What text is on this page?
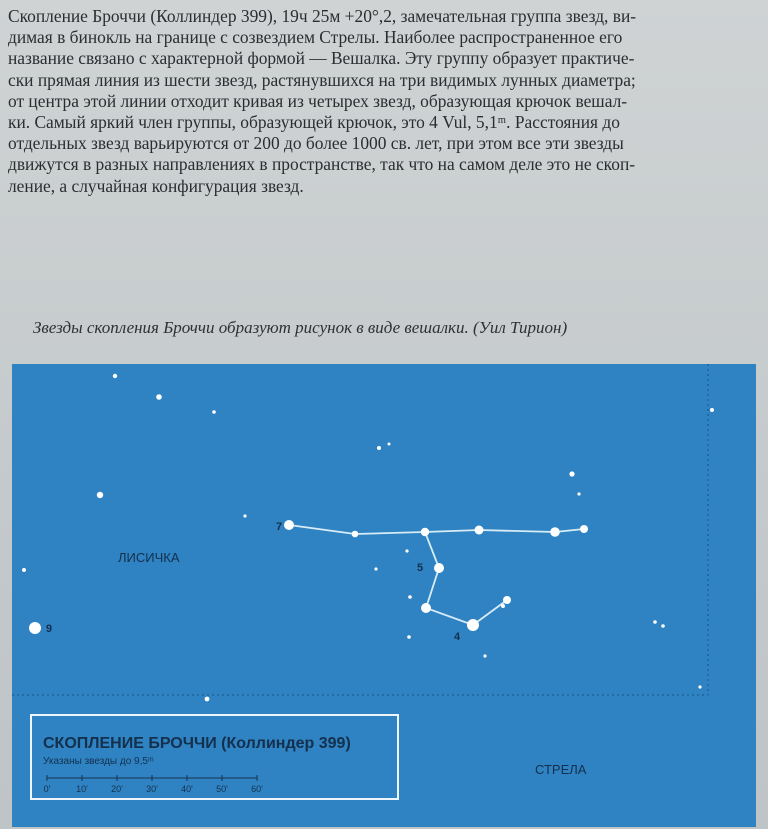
Скопление Броччи (Коллиндер 399), 19ч 25м +20°,2, замечательная группа звезд, ви-
димая в бинокль на границе с созвездием Стрелы. Наиболее распространенное его
название связано с характерной формой — Вешалка. Эту группу образует практиче-
ски прямая линия из шести звезд, растянувшихся на три видимых лунных диаметра;
от центра этой линии отходит кривая из четырех звезд, образующая крючок вешал-
ки. Самый яркий член группы, образующей крючок, это 4 Vul, 5,1ᵐ. Расстояния до
отдельных звезд варьируются от 200 до более 1000 св. лет, при этом все эти звезды
движутся в разных направлениях в пространстве, так что на самом деле это не скоп-
ление, а случайная конфигурация звезд.
Звезды скопления Броччи образуют рисунок в виде вешалки. (Уил Тирион)
7
5
4
9
ЛИСИЧКА
СТРЕЛА
СКОПЛЕНИЕ БРОЧЧИ (Коллиндер 399)
Указаны звезды до 9,5ᵐ
0'	10'	20'	30'	40'	50'	60'
